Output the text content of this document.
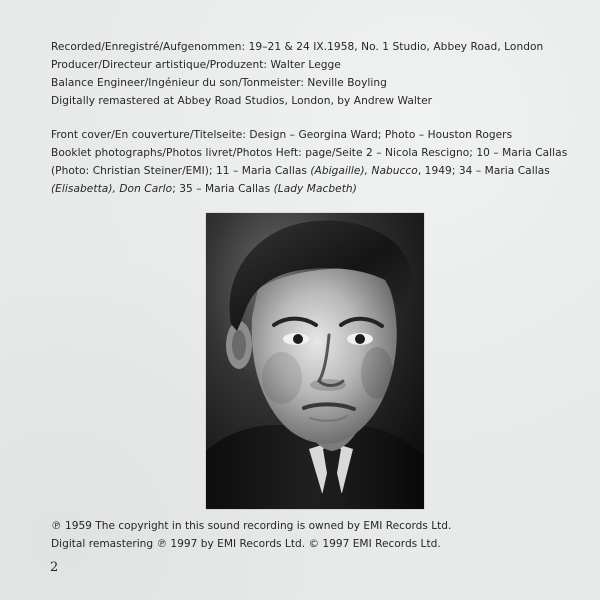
Recorded/Enregistré/Aufgenommen: 19–21 & 24 IX.1958, No. 1 Studio, Abbey Road, London
Producer/Directeur artistique/Produzent: Walter Legge
Balance Engineer/Ingénieur du son/Tonmeister: Neville Boyling
Digitally remastered at Abbey Road Studios, London, by Andrew Walter
Front cover/En couverture/Titelseite: Design – Georgina Ward; Photo – Houston Rogers
Booklet photographs/Photos livret/Photos Heft: page/Seite 2 – Nicola Rescigno; 10 – Maria Callas
(Photo: Christian Steiner/EMI); 11 – Maria Callas (Abigaille), Nabucco, 1949; 34 – Maria Callas
(Elisabetta), Don Carlo; 35 – Maria Callas (Lady Macbeth)
℗ 1959 The copyright in this sound recording is owned by EMI Records Ltd.
Digital remastering ℗ 1997 by EMI Records Ltd. © 1997 EMI Records Ltd.
2
